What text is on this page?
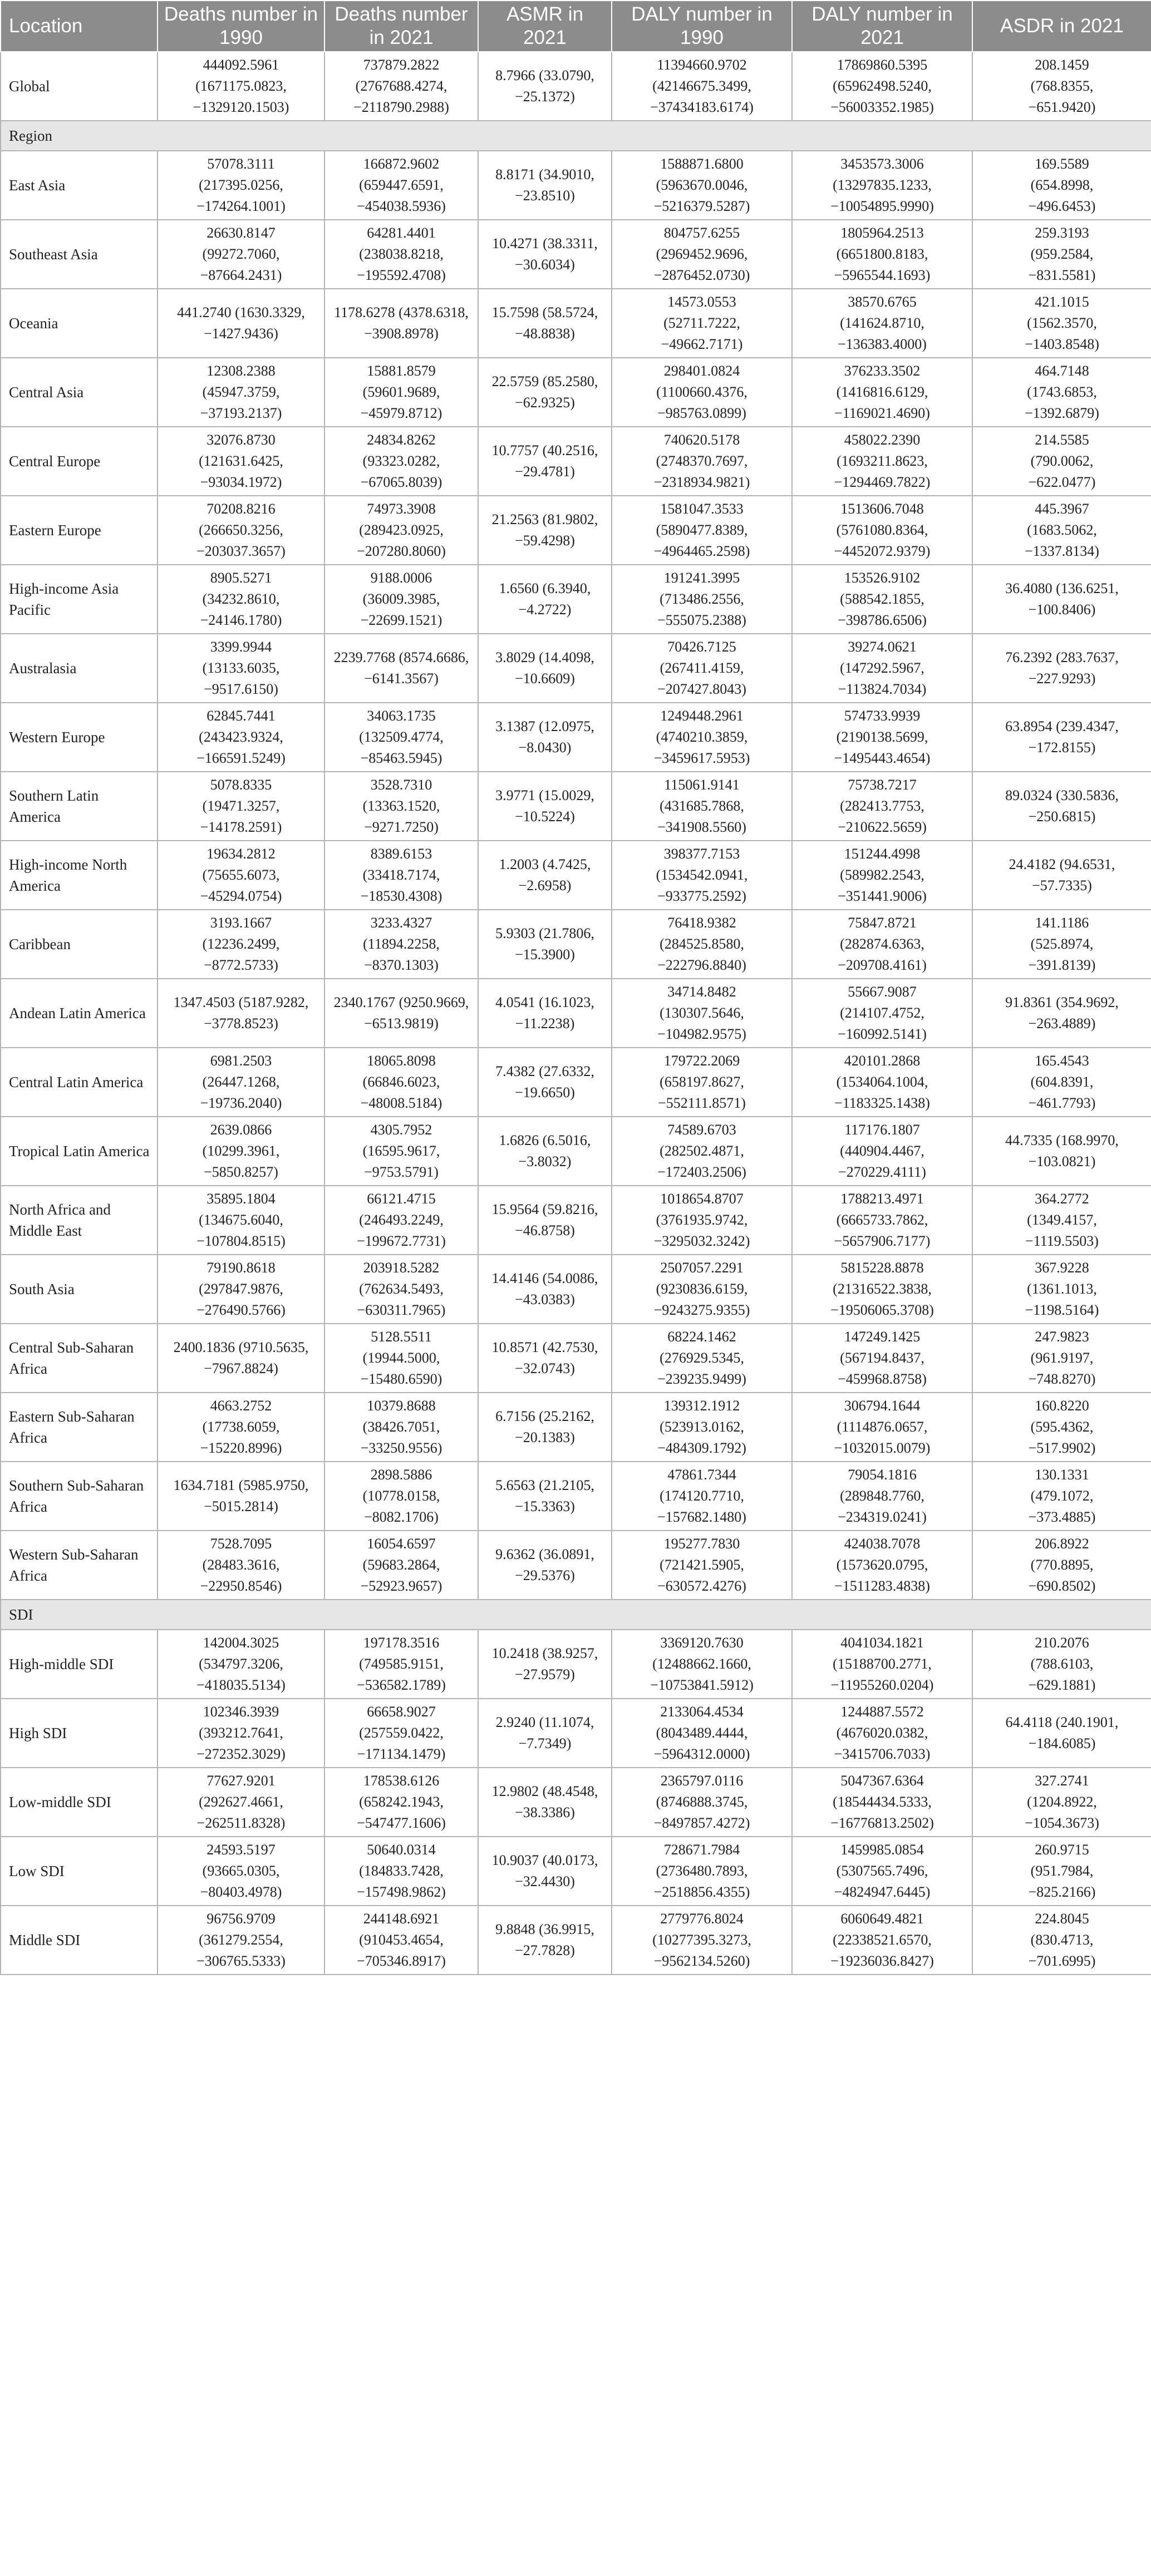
Location	Deaths number in 1990	Deaths number in 2021	ASMR in 2021	DALY number in 1990	DALY number in 2021	ASDR in 2021
Global	444092.5961
(1671175.0823,
−1329120.1503)	737879.2822
(2767688.4274,
−2118790.2988)	8.7966 (33.0790,
−25.1372)	11394660.9702
(42146675.3499,
−37434183.6174)	17869860.5395
(65962498.5240,
−56003352.1985)	208.1459
(768.8355,
−651.9420)

Region						
East Asia	57078.3111
(217395.0256,
−174264.1001)	166872.9602
(659447.6591,
−454038.5936)	8.8171 (34.9010,
−23.8510)	1588871.6800
(5963670.0046,
−5216379.5287)	3453573.3006
(13297835.1233,
−10054895.9990)	169.5589
(654.8998,
−496.6453)

Southeast Asia	26630.8147
(99272.7060,
−87664.2431)	64281.4401
(238038.8218,
−195592.4708)	10.4271 (38.3311,
−30.6034)	804757.6255
(2969452.9696,
−2876452.0730)	1805964.2513
(6651800.8183,
−5965544.1693)	259.3193
(959.2584,
−831.5581)

Oceania	441.2740 (1630.3329,
−1427.9436)	1178.6278 (4378.6318,
−3908.8978)	15.7598 (58.5724,
−48.8838)	14573.0553
(52711.7222,
−49662.7171)	38570.6765
(141624.8710,
−136383.4000)	421.1015
(1562.3570,
−1403.8548)

Central Asia	12308.2388
(45947.3759,
−37193.2137)	15881.8579
(59601.9689,
−45979.8712)	22.5759 (85.2580,
−62.9325)	298401.0824
(1100660.4376,
−985763.0899)	376233.3502
(1416816.6129,
−1169021.4690)	464.7148
(1743.6853,
−1392.6879)

Central Europe	32076.8730
(121631.6425,
−93034.1972)	24834.8262
(93323.0282,
−67065.8039)	10.7757 (40.2516,
−29.4781)	740620.5178
(2748370.7697,
−2318934.9821)	458022.2390
(1693211.8623,
−1294469.7822)	214.5585
(790.0062,
−622.0477)

Eastern Europe	70208.8216
(266650.3256,
−203037.3657)	74973.3908
(289423.0925,
−207280.8060)	21.2563 (81.9802,
−59.4298)	1581047.3533
(5890477.8389,
−4964465.2598)	1513606.7048
(5761080.8364,
−4452072.9379)	445.3967
(1683.5062,
−1337.8134)

High-income Asia Pacific	8905.5271
(34232.8610,
−24146.1780)	9188.0006
(36009.3985,
−22699.1521)	1.6560 (6.3940,
−4.2722)	191241.3995
(713486.2556,
−555075.2388)	153526.9102
(588542.1855,
−398786.6506)	36.4080 (136.6251,
−100.8406)

Australasia	3399.9944
(13133.6035,
−9517.6150)	2239.7768 (8574.6686,
−6141.3567)	3.8029 (14.4098,
−10.6609)	70426.7125
(267411.4159,
−207427.8043)	39274.0621
(147292.5967,
−113824.7034)	76.2392 (283.7637,
−227.9293)

Western Europe	62845.7441
(243423.9324,
−166591.5249)	34063.1735
(132509.4774,
−85463.5945)	3.1387 (12.0975,
−8.0430)	1249448.2961
(4740210.3859,
−3459617.5953)	574733.9939
(2190138.5699,
−1495443.4654)	63.8954 (239.4347,
−172.8155)

Southern Latin America	5078.8335
(19471.3257,
−14178.2591)	3528.7310
(13363.1520,
−9271.7250)	3.9771 (15.0029,
−10.5224)	115061.9141
(431685.7868,
−341908.5560)	75738.7217
(282413.7753,
−210622.5659)	89.0324 (330.5836,
−250.6815)

High-income North America	19634.2812
(75655.6073,
−45294.0754)	8389.6153
(33418.7174,
−18530.4308)	1.2003 (4.7425,
−2.6958)	398377.7153
(1534542.0941,
−933775.2592)	151244.4998
(589982.2543,
−351441.9006)	24.4182 (94.6531,
−57.7335)

Caribbean	3193.1667
(12236.2499,
−8772.5733)	3233.4327
(11894.2258,
−8370.1303)	5.9303 (21.7806,
−15.3900)	76418.9382
(284525.8580,
−222796.8840)	75847.8721
(282874.6363,
−209708.4161)	141.1186
(525.8974,
−391.8139)

Andean Latin America	1347.4503 (5187.9282,
−3778.8523)	2340.1767 (9250.9669,
−6513.9819)	4.0541 (16.1023,
−11.2238)	34714.8482
(130307.5646,
−104982.9575)	55667.9087
(214107.4752,
−160992.5141)	91.8361 (354.9692,
−263.4889)

Central Latin America	6981.2503
(26447.1268,
−19736.2040)	18065.8098
(66846.6023,
−48008.5184)	7.4382 (27.6332,
−19.6650)	179722.2069
(658197.8627,
−552111.8571)	420101.2868
(1534064.1004,
−1183325.1438)	165.4543
(604.8391,
−461.7793)

Tropical Latin America	2639.0866
(10299.3961,
−5850.8257)	4305.7952
(16595.9617,
−9753.5791)	1.6826 (6.5016,
−3.8032)	74589.6703
(282502.4871,
−172403.2506)	117176.1807
(440904.4467,
−270229.4111)	44.7335 (168.9970,
−103.0821)

North Africa and Middle East	35895.1804
(134675.6040,
−107804.8515)	66121.4715
(246493.2249,
−199672.7731)	15.9564 (59.8216,
−46.8758)	1018654.8707
(3761935.9742,
−3295032.3242)	1788213.4971
(6665733.7862,
−5657906.7177)	364.2772
(1349.4157,
−1119.5503)

South Asia	79190.8618
(297847.9876,
−276490.5766)	203918.5282
(762634.5493,
−630311.7965)	14.4146 (54.0086,
−43.0383)	2507057.2291
(9230836.6159,
−9243275.9355)	5815228.8878
(21316522.3838,
−19506065.3708)	367.9228
(1361.1013,
−1198.5164)

Central Sub-Saharan Africa	2400.1836 (9710.5635,
−7967.8824)	5128.5511
(19944.5000,
−15480.6590)	10.8571 (42.7530,
−32.0743)	68224.1462
(276929.5345,
−239235.9499)	147249.1425
(567194.8437,
−459968.8758)	247.9823
(961.9197,
−748.8270)

Eastern Sub-Saharan Africa	4663.2752
(17738.6059,
−15220.8996)	10379.8688
(38426.7051,
−33250.9556)	6.7156 (25.2162,
−20.1383)	139312.1912
(523913.0162,
−484309.1792)	306794.1644
(1114876.0657,
−1032015.0079)	160.8220
(595.4362,
−517.9902)

Southern Sub-Saharan Africa	1634.7181 (5985.9750,
−5015.2814)	2898.5886
(10778.0158,
−8082.1706)	5.6563 (21.2105,
−15.3363)	47861.7344
(174120.7710,
−157682.1480)	79054.1816
(289848.7760,
−234319.0241)	130.1331
(479.1072,
−373.4885)

Western Sub-Saharan Africa	7528.7095
(28483.3616,
−22950.8546)	16054.6597
(59683.2864,
−52923.9657)	9.6362 (36.0891,
−29.5376)	195277.7830
(721421.5905,
−630572.4276)	424038.7078
(1573620.0795,
−1511283.4838)	206.8922
(770.8895,
−690.8502)

SDI						
High-middle SDI	142004.3025
(534797.3206,
−418035.5134)	197178.3516
(749585.9151,
−536582.1789)	10.2418 (38.9257,
−27.9579)	3369120.7630
(12488662.1660,
−10753841.5912)	4041034.1821
(15188700.2771,
−11955260.0204)	210.2076
(788.6103,
−629.1881)

High SDI	102346.3939
(393212.7641,
−272352.3029)	66658.9027
(257559.0422,
−171134.1479)	2.9240 (11.1074,
−7.7349)	2133064.4534
(8043489.4444,
−5964312.0000)	1244887.5572
(4676020.0382,
−3415706.7033)	64.4118 (240.1901,
−184.6085)

Low-middle SDI	77627.9201
(292627.4661,
−262511.8328)	178538.6126
(658242.1943,
−547477.1606)	12.9802 (48.4548,
−38.3386)	2365797.0116
(8746888.3745,
−8497857.4272)	5047367.6364
(18544434.5333,
−16776813.2502)	327.2741
(1204.8922,
−1054.3673)

Low SDI	24593.5197
(93665.0305,
−80403.4978)	50640.0314
(184833.7428,
−157498.9862)	10.9037 (40.0173,
−32.4430)	728671.7984
(2736480.7893,
−2518856.4355)	1459985.0854
(5307565.7496,
−4824947.6445)	260.9715
(951.7984,
−825.2166)

Middle SDI	96756.9709
(361279.2554,
−306765.5333)	244148.6921
(910453.4654,
−705346.8917)	9.8848 (36.9915,
−27.7828)	2779776.8024
(10277395.3273,
−9562134.5260)	6060649.4821
(22338521.6570,
−19236036.8427)	224.8045
(830.4713,
−701.6995)
